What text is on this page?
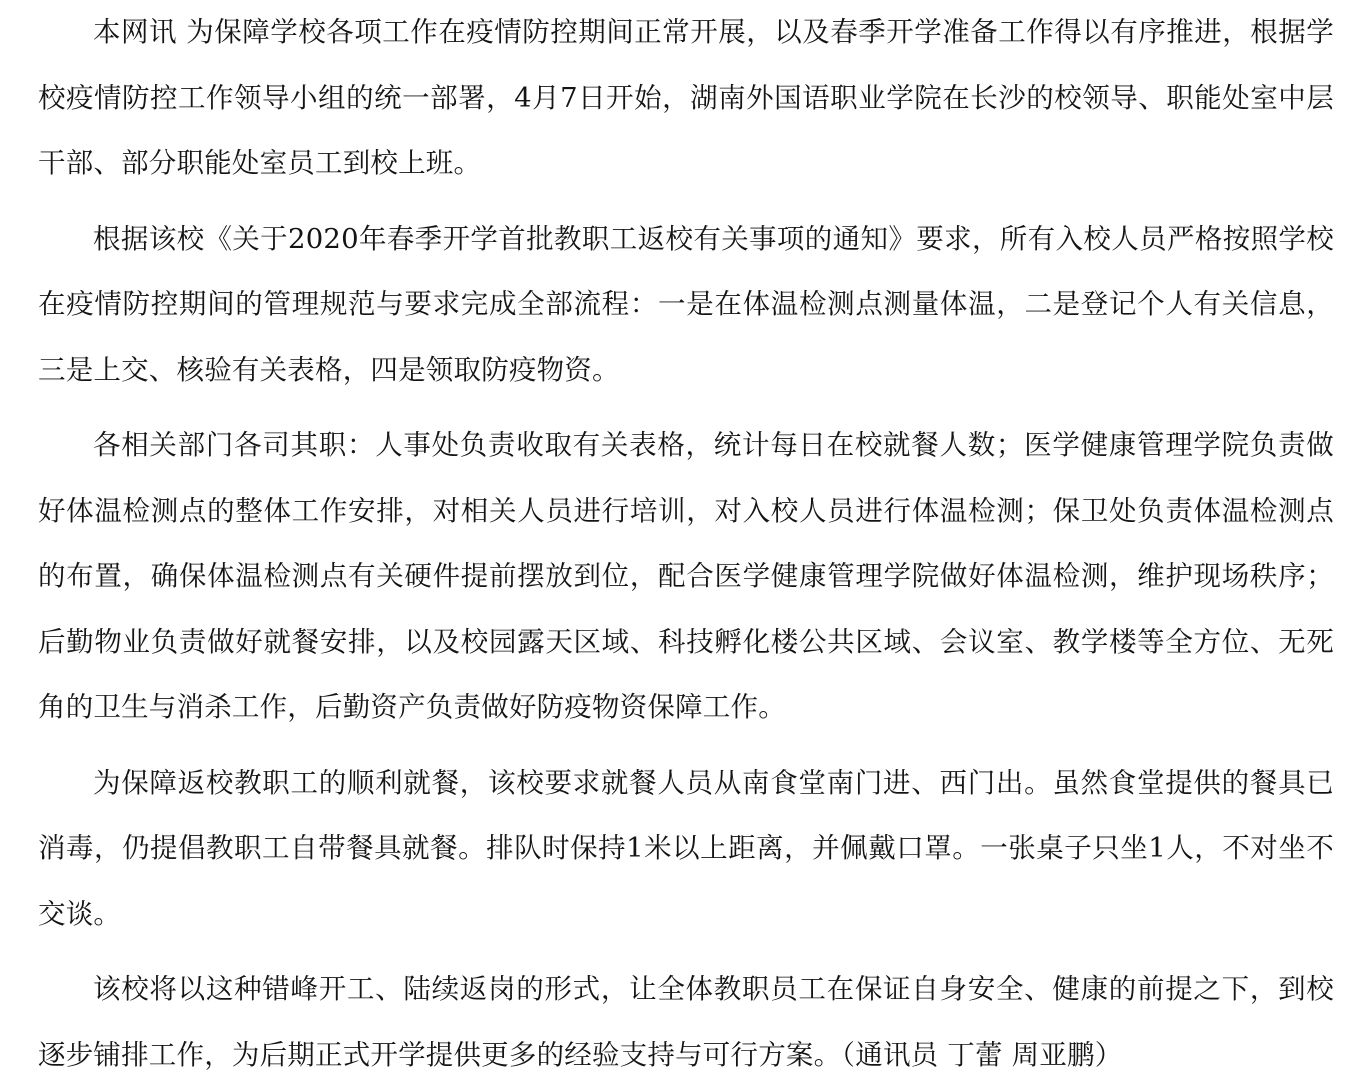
本网讯 为保障学校各项工作在疫情防控期间正常开展，以及春季开学准备工作得以有序推进，根据学校疫情防控工作领导小组的统一部署，4月7日开始，湖南外国语职业学院在长沙的校领导、职能处室中层干部、部分职能处室员工到校上班。

根据该校《关于2020年春季开学首批教职工返校有关事项的通知》要求，所有入校人员严格按照学校在疫情防控期间的管理规范与要求完成全部流程：一是在体温检测点测量体温，二是登记个人有关信息，三是上交、核验有关表格，四是领取防疫物资。

各相关部门各司其职：人事处负责收取有关表格，统计每日在校就餐人数；医学健康管理学院负责做好体温检测点的整体工作安排，对相关人员进行培训，对入校人员进行体温检测；保卫处负责体温检测点的布置，确保体温检测点有关硬件提前摆放到位，配合医学健康管理学院做好体温检测，维护现场秩序；后勤物业负责做好就餐安排，以及校园露天区域、科技孵化楼公共区域、会议室、教学楼等全方位、无死角的卫生与消杀工作，后勤资产负责做好防疫物资保障工作。

为保障返校教职工的顺利就餐，该校要求就餐人员从南食堂南门进、西门出。虽然食堂提供的餐具已消毒，仍提倡教职工自带餐具就餐。排队时保持1米以上距离，并佩戴口罩。一张桌子只坐1人，不对坐不交谈。

该校将以这种错峰开工、陆续返岗的形式，让全体教职员工在保证自身安全、健康的前提之下，到校逐步铺排工作，为后期正式开学提供更多的经验支持与可行方案。（通讯员 丁蕾 周亚鹏）
